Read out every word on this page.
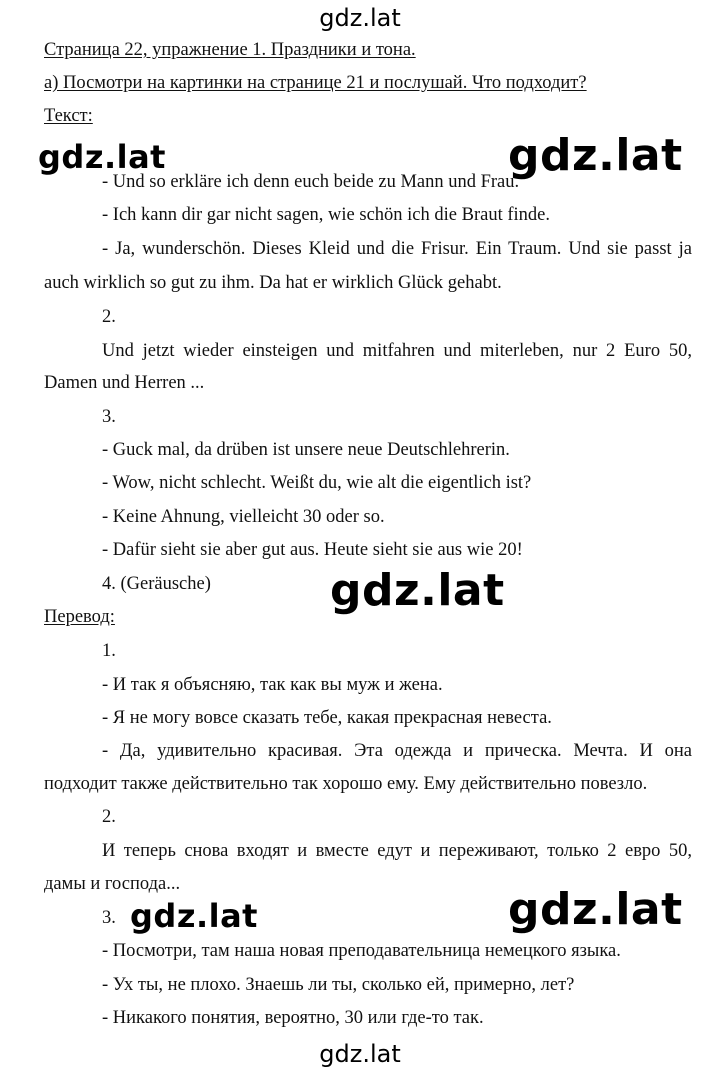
gdz.lat
Страница 22, упражнение 1. Праздники и тона.
а) Посмотри на картинки на странице 21 и послушай. Что подходит?
Текст:
gdz.lat	gdz.lat
- Und so erkläre ich denn euch beide zu Mann und Frau.
- Ich kann dir gar nicht sagen, wie schön ich die Braut finde.
- Ja, wunderschön. Dieses Kleid und die Frisur. Ein Traum. Und sie passt ja
auch wirklich so gut zu ihm. Da hat er wirklich Glück gehabt.
2.
Und jetzt wieder einsteigen und mitfahren und miterleben, nur 2 Euro 50,
Damen und Herren ...
3.
- Guck mal, da drüben ist unsere neue Deutschlehrerin.
- Wow, nicht schlecht. Weißt du, wie alt die eigentlich ist?
- Keine Ahnung, vielleicht 30 oder so.
- Dafür sieht sie aber gut aus. Heute sieht sie aus wie 20!
4. (Geräusche)	gdz.lat
Перевод:
1.
- И так я объясняю, так как вы муж и жена.
- Я не могу вовсе сказать тебе, какая прекрасная невеста.
- Да, удивительно красивая. Эта одежда и прическа. Мечта. И она
подходит также действительно так хорошо ему. Ему действительно повезло.
2.
И теперь снова входят и вместе едут и переживают, только 2 евро 50,
дамы и господа...
gdz.lat	gdz.lat
3.
- Посмотри, там наша новая преподавательница немецкого языка.
- Ух ты, не плохо. Знаешь ли ты, сколько ей, примерно, лет?
- Никакого понятия, вероятно, 30 или где-то так.
gdz.lat
